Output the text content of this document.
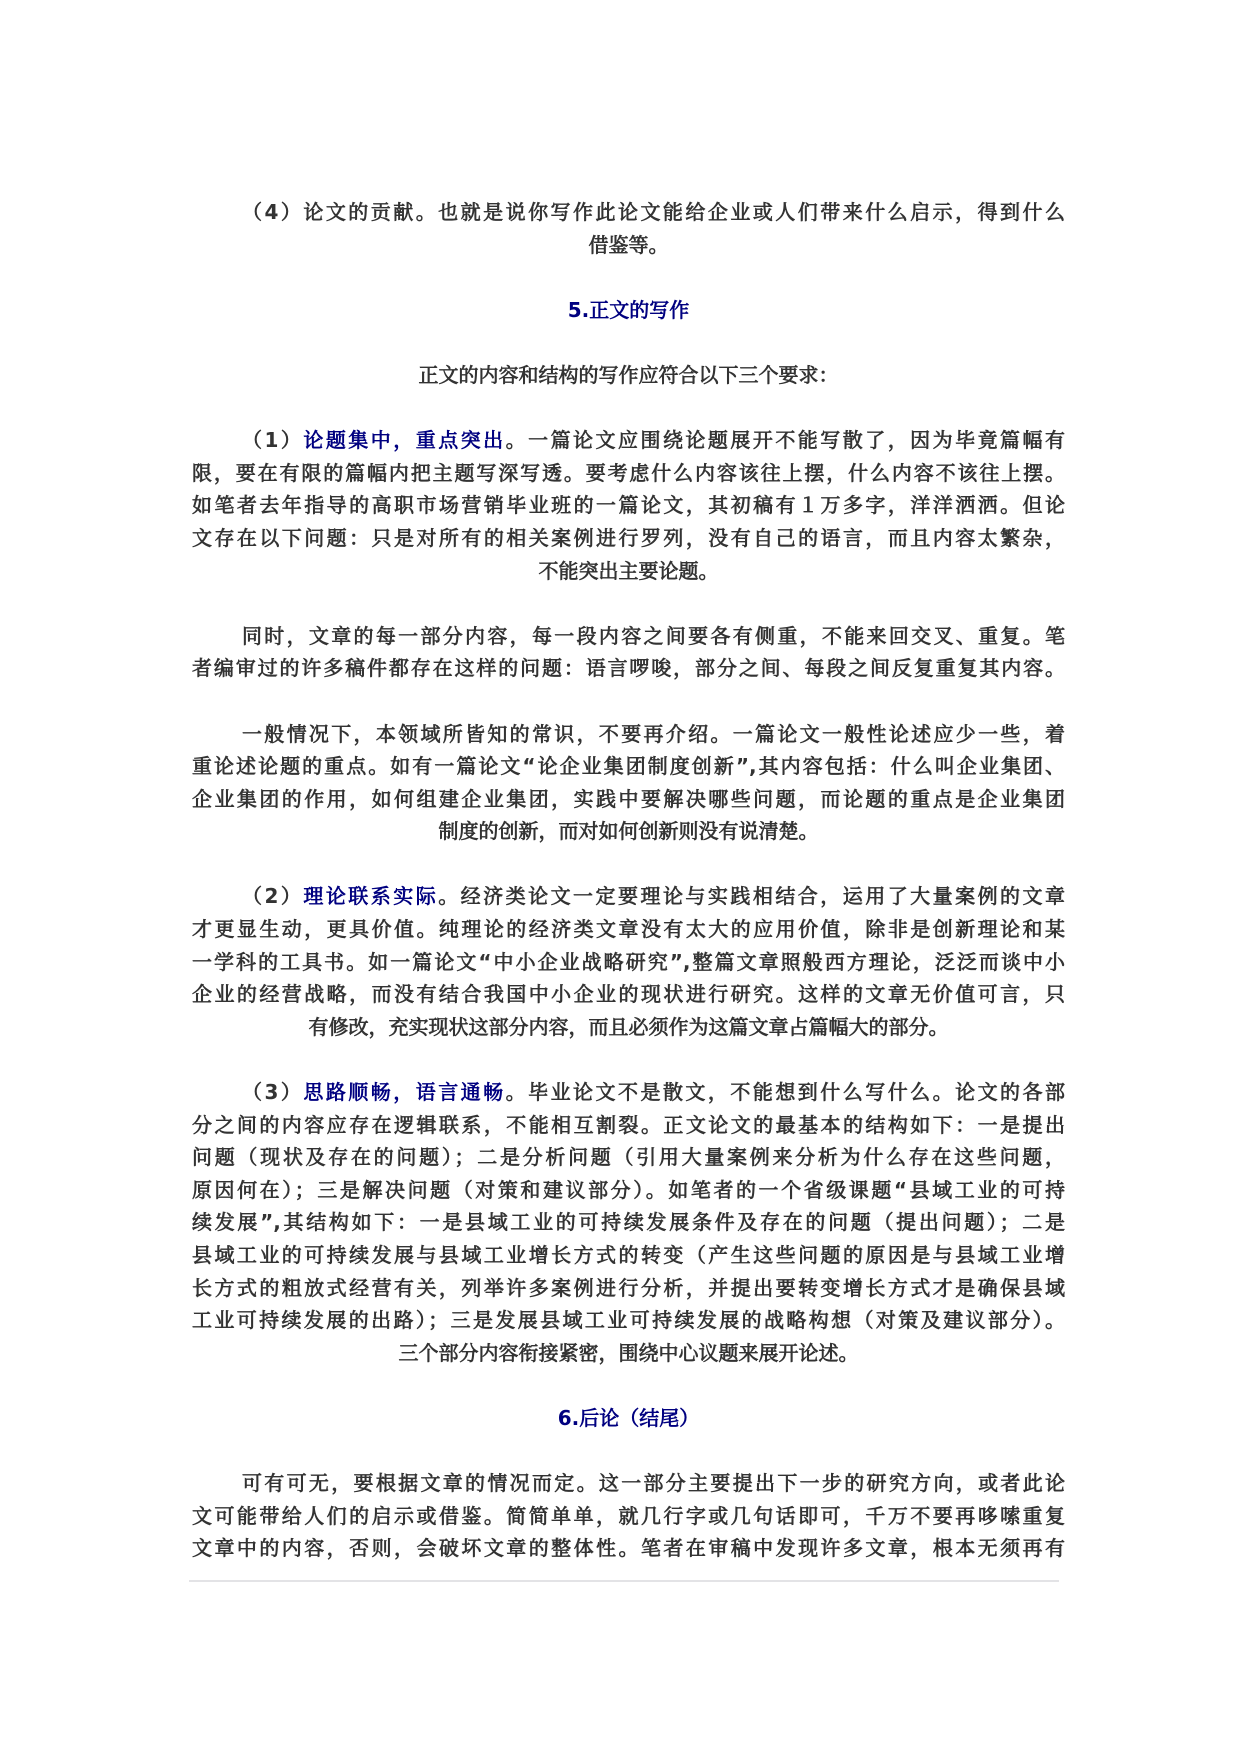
（4）论文的贡献。也就是说你写作此论文能给企业或人们带来什么启示，得到什么
借鉴等。
5.正文的写作
正文的内容和结构的写作应符合以下三个要求：
（1）论题集中，重点突出。一篇论文应围绕论题展开不能写散了，因为毕竟篇幅有
限，要在有限的篇幅内把主题写深写透。要考虑什么内容该往上摆，什么内容不该往上摆。
如笔者去年指导的高职市场营销毕业班的一篇论文，其初稿有１万多字，洋洋洒洒。但论
文存在以下问题：只是对所有的相关案例进行罗列，没有自己的语言，而且内容太繁杂，
不能突出主要论题。
同时，文章的每一部分内容，每一段内容之间要各有侧重，不能来回交叉、重复。笔
者编审过的许多稿件都存在这样的问题：语言啰唆，部分之间、每段之间反复重复其内容。
一般情况下，本领域所皆知的常识，不要再介绍。一篇论文一般性论述应少一些，着
重论述论题的重点。如有一篇论文“论企业集团制度创新”,其内容包括：什么叫企业集团、
企业集团的作用，如何组建企业集团，实践中要解决哪些问题，而论题的重点是企业集团
制度的创新，而对如何创新则没有说清楚。
（2）理论联系实际。经济类论文一定要理论与实践相结合，运用了大量案例的文章
才更显生动，更具价值。纯理论的经济类文章没有太大的应用价值，除非是创新理论和某
一学科的工具书。如一篇论文“中小企业战略研究”,整篇文章照般西方理论，泛泛而谈中小
企业的经营战略，而没有结合我国中小企业的现状进行研究。这样的文章无价值可言，只
有修改，充实现状这部分内容，而且必须作为这篇文章占篇幅大的部分。
（3）思路顺畅，语言通畅。毕业论文不是散文，不能想到什么写什么。论文的各部
分之间的内容应存在逻辑联系，不能相互割裂。正文论文的最基本的结构如下：一是提出
问题（现状及存在的问题）；二是分析问题（引用大量案例来分析为什么存在这些问题，
原因何在）；三是解决问题（对策和建议部分）。如笔者的一个省级课题“县域工业的可持
续发展”,其结构如下：一是县域工业的可持续发展条件及存在的问题（提出问题）；二是
县域工业的可持续发展与县域工业增长方式的转变（产生这些问题的原因是与县域工业增
长方式的粗放式经营有关，列举许多案例进行分析，并提出要转变增长方式才是确保县域
工业可持续发展的出路）；三是发展县域工业可持续发展的战略构想（对策及建议部分）。
三个部分内容衔接紧密，围绕中心议题来展开论述。
6.后论（结尾）
可有可无，要根据文章的情况而定。这一部分主要提出下一步的研究方向，或者此论
文可能带给人们的启示或借鉴。简简单单，就几行字或几句话即可，千万不要再哆嗦重复
文章中的内容，否则，会破坏文章的整体性。笔者在审稿中发现许多文章，根本无须再有
